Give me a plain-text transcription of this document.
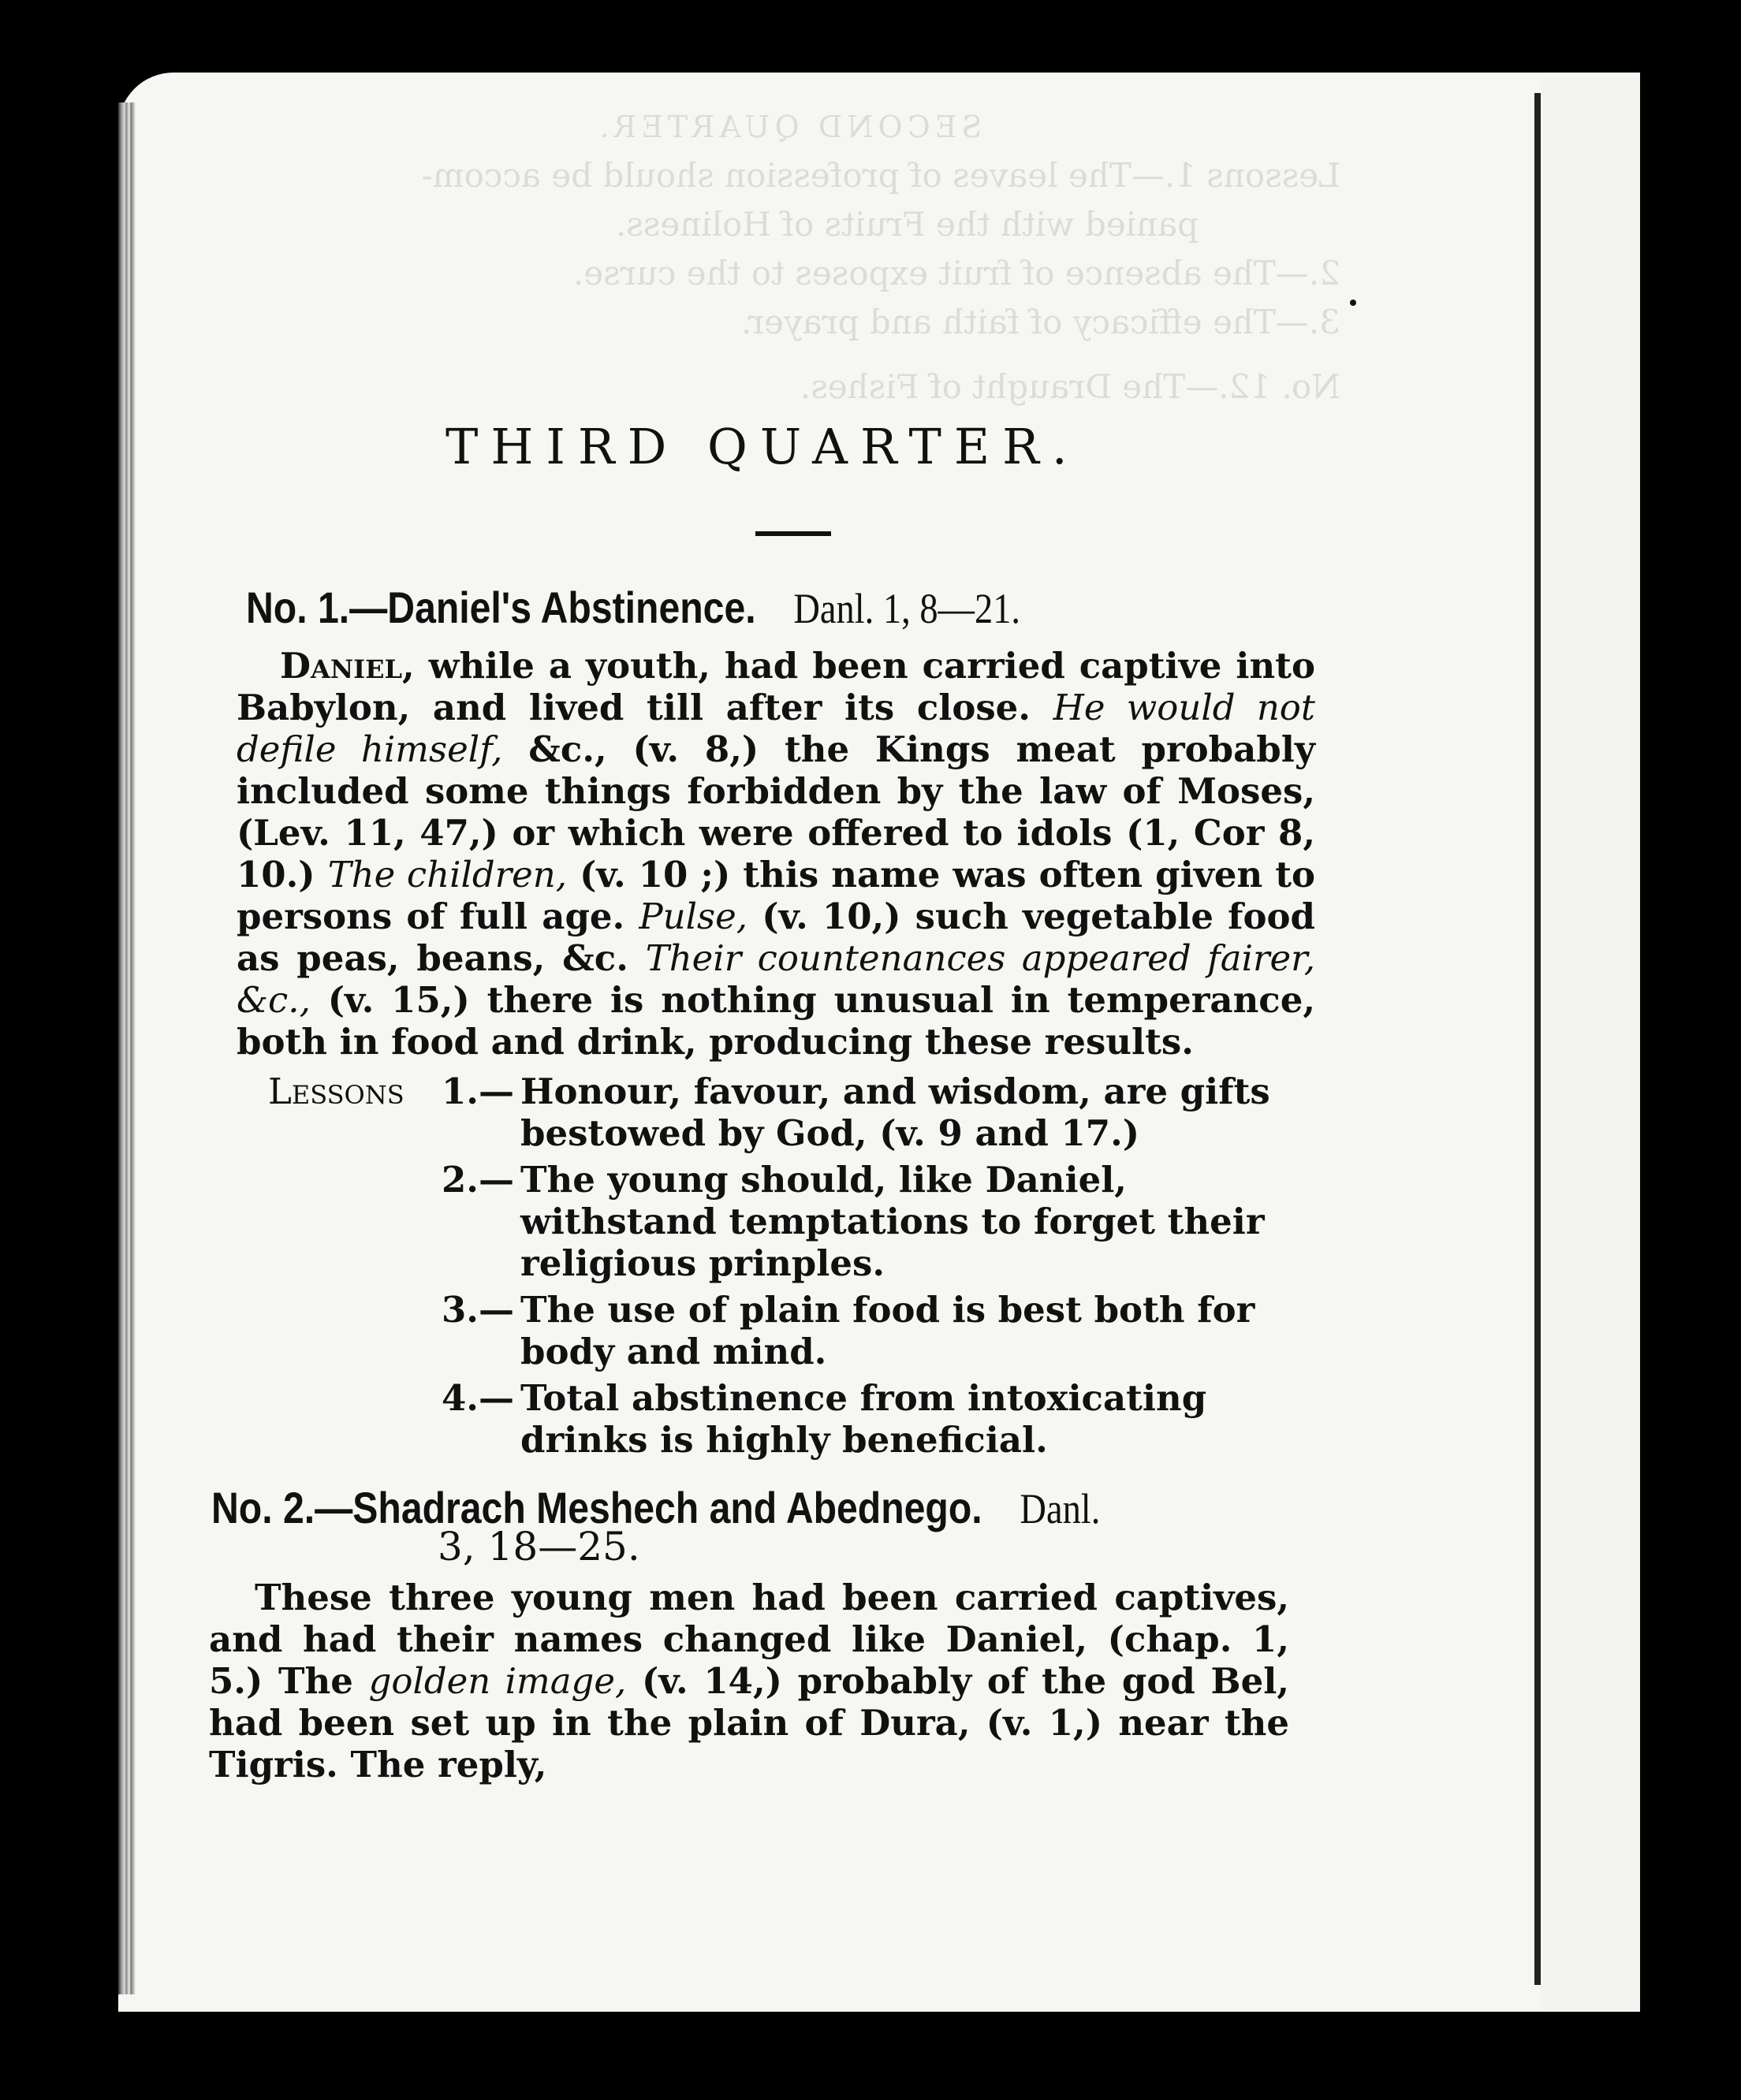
SECOND QUARTER.
Lessons 1.—The leaves of profession should be accom-
panied with the Fruits of Holiness.
2.—The absence of fruit exposes to the curse.
3.—The efficacy of faith and prayer.
No. 12.—The Draught of Fishes.
THIRD QUARTER.
No. 1.—Daniel's Abstinence. Danl. 1, 8—21.

Daniel, while a youth, had been carried captive into Babylon, and lived till after its close. He would not defile himself, &c., (v. 8,) the Kings meat probably included some things forbidden by the law of Moses, (Lev. 11, 47,) or which were offered to idols (1, Cor 8, 10.) The children, (v. 10 ;) this name was often given to persons of full age. Pulse, (v. 10,) such vegetable food as peas, beans, &c. Their countenances appeared fairer, &c., (v. 15,) there is nothing unusual in temperance, both in food and drink, producing these results.

Lessons	1.— Honour, favour, and wisdom, are gifts bestowed by God, (v. 9 and 17.)
2.— The young should, like Daniel, withstand temptations to forget their religious prinples.
3.— The use of plain food is best both for body and mind.
4.— Total abstinence from intoxicating drinks is highly beneficial.
No. 2.—Shadrach Meshech and Abednego. Danl.
3, 18—25.

These three young men had been carried captives, and had their names changed like Daniel, (chap. 1, 5.) The golden image, (v. 14,) probably of the god Bel, had been set up in the plain of Dura, (v. 1,) near the Tigris. The reply,
